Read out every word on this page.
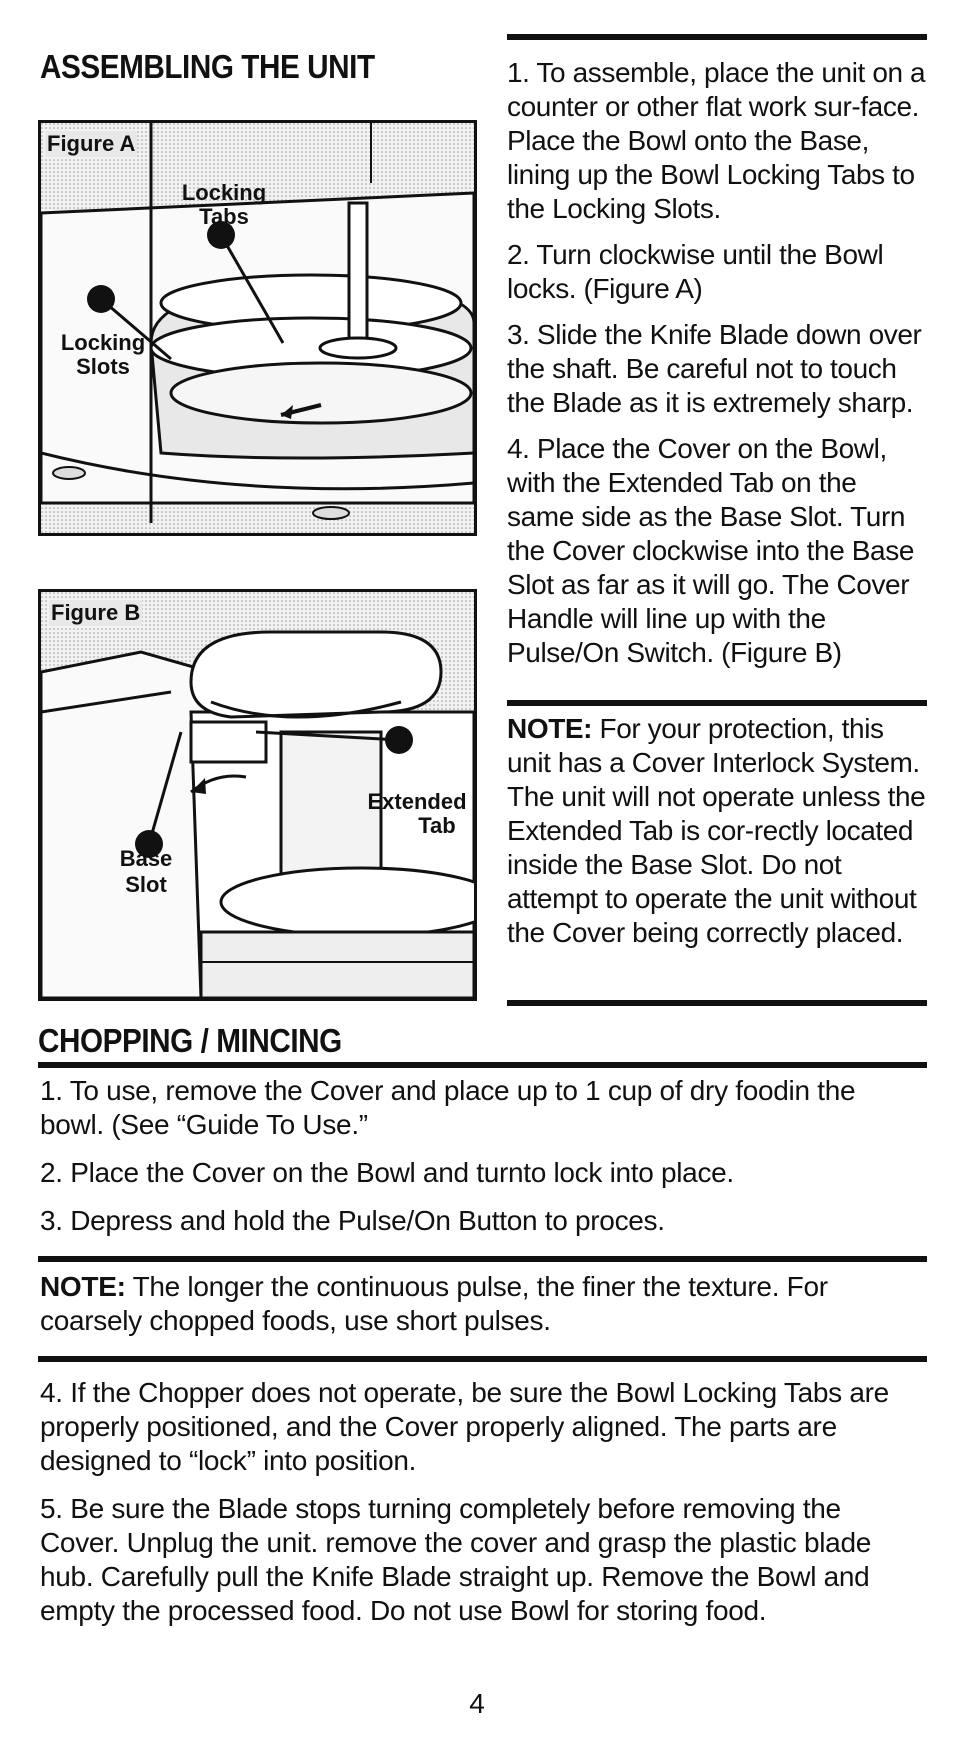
ASSEMBLING THE UNIT	1. To assemble, place the unit on a counter or other flat work sur-face. Place the Bowl onto the Base, lining up the Bowl Locking Tabs to the Locking Slots.

2. Turn clockwise until the Bowl locks. (Figure A)

3. Slide the Knife Blade down over the shaft. Be careful not to touch the Blade as it is extremely sharp.

4. Place the Cover on the Bowl, with the Extended Tab on the same side as the Base Slot. Turn the Cover clockwise into the Base Slot as far as it will go. The Cover Handle will line up with the Pulse/On Switch. (Figure B)

NOTE: For your protection, this unit has a Cover Interlock System. The unit will not operate unless the Extended Tab is cor-rectly located inside the Base Slot. Do not attempt to operate the unit without the Cover being correctly placed.

Figure A
Locking
Tabs
Locking
Slots
Figure B
Extended
Tab
Base
Slot
CHOPPING / MINCING

1. To use, remove the Cover and place up to 1 cup of dry foodin the bowl. (See “Guide To Use.”

2. Place the Cover on the Bowl and turnto lock into place.

3. Depress and hold the Pulse/On Button to proces.

NOTE: The longer the continuous pulse, the finer the texture. For coarsely chopped foods, use short pulses.

4. If the Chopper does not operate, be sure the Bowl Locking Tabs are properly positioned, and the Cover properly aligned. The parts are designed to “lock” into position.

5. Be sure the Blade stops turning completely before removing the Cover. Unplug the unit. remove the cover and grasp the plastic blade hub. Carefully pull the Knife Blade straight up. Remove the Bowl and empty the processed food. Do not use Bowl for storing food.

4
